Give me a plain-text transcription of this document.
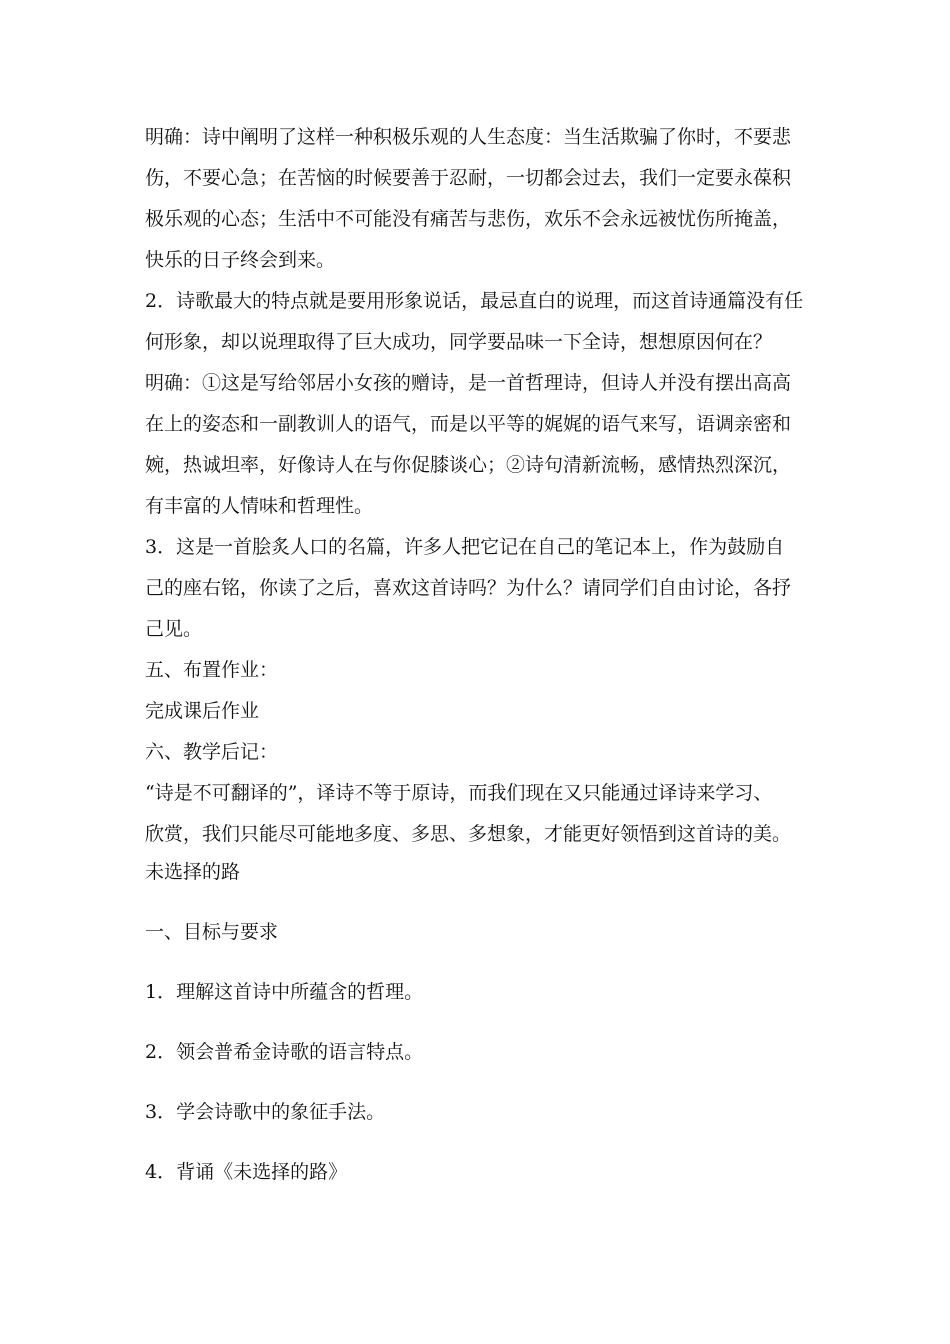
明确：诗中阐明了这样一种积极乐观的人生态度：当生活欺骗了你时，不要悲
伤，不要心急；在苦恼的时候要善于忍耐，一切都会过去，我们一定要永葆积
极乐观的心态；生活中不可能没有痛苦与悲伤，欢乐不会永远被忧伤所掩盖，
快乐的日子终会到来。
2．诗歌最大的特点就是要用形象说话，最忌直白的说理，而这首诗通篇没有任
何形象，却以说理取得了巨大成功，同学要品味一下全诗，想想原因何在？
明确：①这是写给邻居小女孩的赠诗，是一首哲理诗，但诗人并没有摆出高高
在上的姿态和一副教训人的语气，而是以平等的娓娓的语气来写，语调亲密和
婉，热诚坦率，好像诗人在与你促膝谈心；②诗句清新流畅，感情热烈深沉，
有丰富的人情味和哲理性。
3．这是一首脍炙人口的名篇，许多人把它记在自己的笔记本上，作为鼓励自
己的座右铭，你读了之后，喜欢这首诗吗？为什么？请同学们自由讨论，各抒
己见。
五、布置作业：
完成课后作业
六、教学后记：
“诗是不可翻译的”，译诗不等于原诗，而我们现在又只能通过译诗来学习、
欣赏，我们只能尽可能地多度、多思、多想象，才能更好领悟到这首诗的美。

未选择的路

一、目标与要求

1．理解这首诗中所蕴含的哲理。

2．领会普希金诗歌的语言特点。

3．学会诗歌中的象征手法。

4．背诵《未选择的路》
